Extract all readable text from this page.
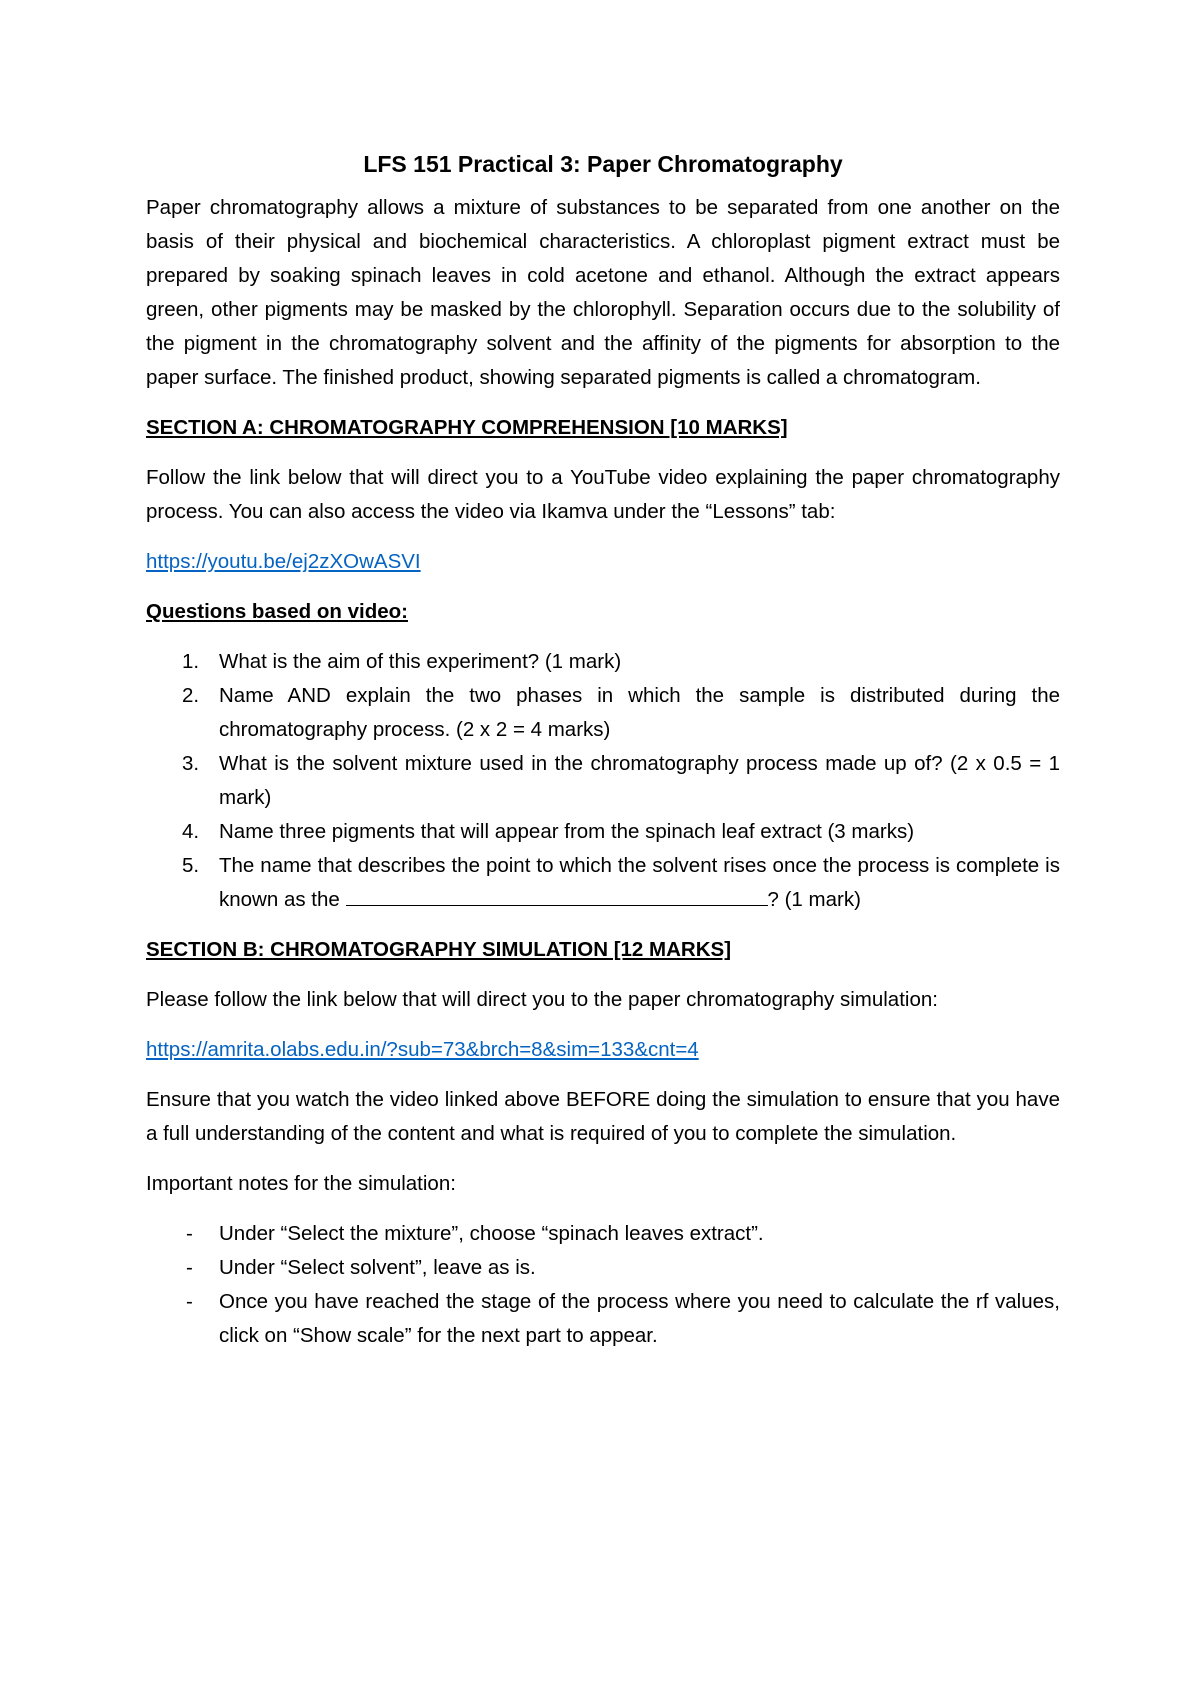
LFS 151 Practical 3: Paper Chromatography

Paper chromatography allows a mixture of substances to be separated from one another on the basis of their physical and biochemical characteristics. A chloroplast pigment extract must be prepared by soaking spinach leaves in cold acetone and ethanol. Although the extract appears green, other pigments may be masked by the chlorophyll. Separation occurs due to the solubility of the pigment in the chromatography solvent and the affinity of the pigments for absorption to the paper surface. The finished product, showing separated pigments is called a chromatogram.

SECTION A: CHROMATOGRAPHY COMPREHENSION [10 MARKS]

Follow the link below that will direct you to a YouTube video explaining the paper chromatography process. You can also access the video via Ikamva under the “Lessons” tab:

https://youtu.be/ej2zXOwASVI
Questions based on video:
1. What is the aim of this experiment? (1 mark)
2. Name AND explain the two phases in which the sample is distributed during the chromatography process. (2 x 2 = 4 marks)
3. What is the solvent mixture used in the chromatography process made up of? (2 x 0.5 = 1 mark)
4. Name three pigments that will appear from the spinach leaf extract (3 marks)
5. The name that describes the point to which the solvent rises once the process is complete is known as the	? (1 mark)
SECTION B: CHROMATOGRAPHY SIMULATION [12 MARKS]

Please follow the link below that will direct you to the paper chromatography simulation:

https://amrita.olabs.edu.in/?sub=73&brch=8&sim=133&cnt=4

Ensure that you watch the video linked above BEFORE doing the simulation to ensure that you have a full understanding of the content and what is required of you to complete the simulation.

Important notes for the simulation:

- Under “Select the mixture”, choose “spinach leaves extract”.
- Under “Select solvent”, leave as is.
- Once you have reached the stage of the process where you need to calculate the rf values, click on “Show scale” for the next part to appear.
